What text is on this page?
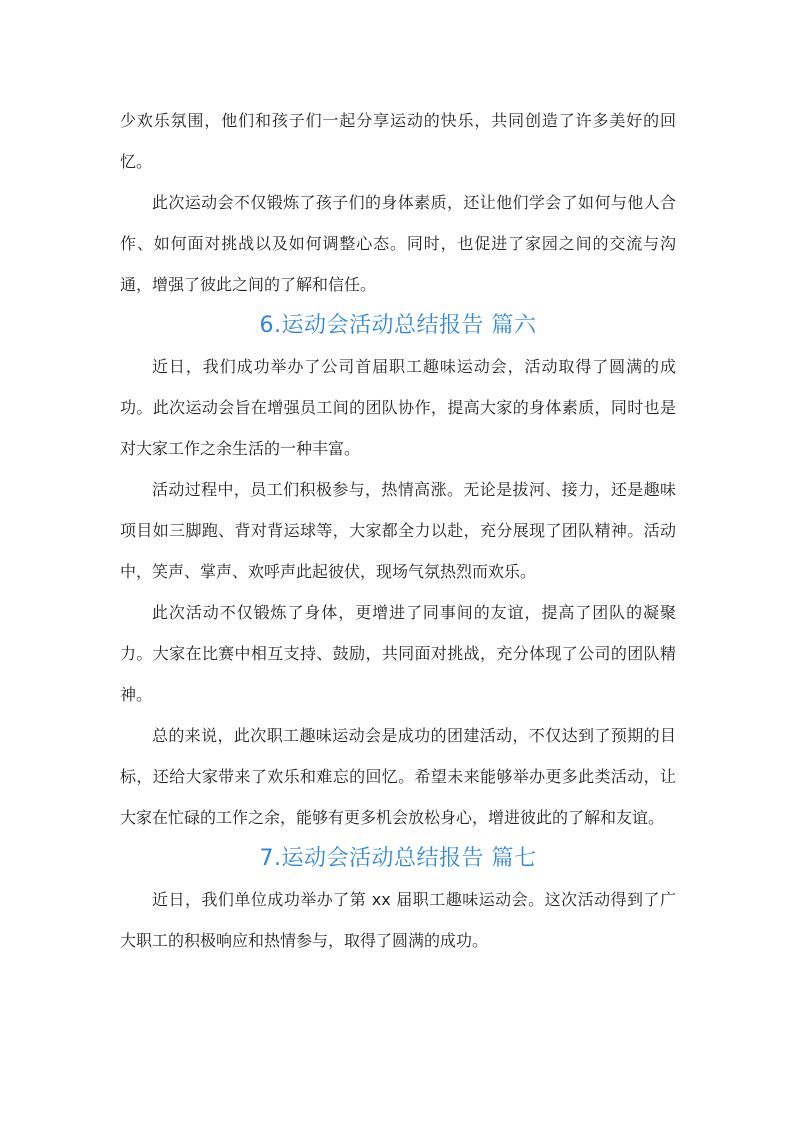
少欢乐氛围，他们和孩子们一起分享运动的快乐，共同创造了许多美好的回忆。

此次运动会不仅锻炼了孩子们的身体素质，还让他们学会了如何与他人合作、如何面对挑战以及如何调整心态。同时，也促进了家园之间的交流与沟通，增强了彼此之间的了解和信任。

6.运动会活动总结报告 篇六

近日，我们成功举办了公司首届职工趣味运动会，活动取得了圆满的成功。此次运动会旨在增强员工间的团队协作，提高大家的身体素质，同时也是对大家工作之余生活的一种丰富。

活动过程中，员工们积极参与，热情高涨。无论是拔河、接力，还是趣味项目如三脚跑、背对背运球等，大家都全力以赴，充分展现了团队精神。活动中，笑声、掌声、欢呼声此起彼伏，现场气氛热烈而欢乐。

此次活动不仅锻炼了身体，更增进了同事间的友谊，提高了团队的凝聚力。大家在比赛中相互支持、鼓励，共同面对挑战，充分体现了公司的团队精神。

总的来说，此次职工趣味运动会是成功的团建活动，不仅达到了预期的目标，还给大家带来了欢乐和难忘的回忆。希望未来能够举办更多此类活动，让大家在忙碌的工作之余，能够有更多机会放松身心，增进彼此的了解和友谊。

7.运动会活动总结报告 篇七

近日，我们单位成功举办了第 xx 届职工趣味运动会。这次活动得到了广大职工的积极响应和热情参与，取得了圆满的成功。
